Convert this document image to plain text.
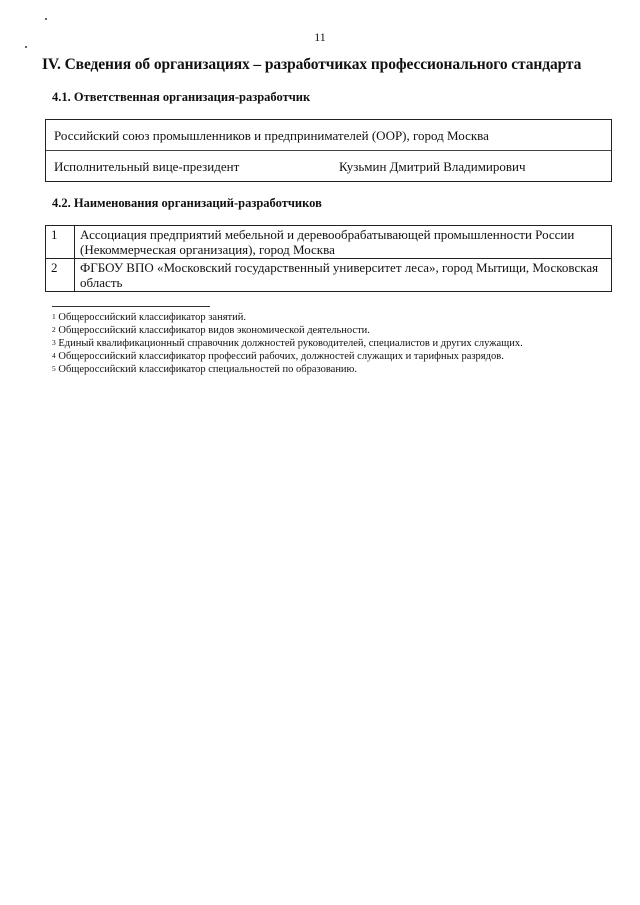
11
IV. Сведения об организациях – разработчиках профессионального стандарта
4.1. Ответственная организация-разработчик
Российский союз промышленников и предпринимателей (ООР), город Москва
Исполнительный вице-президент	Кузьмин Дмитрий Владимирович
4.2. Наименования организаций-разработчиков
1	Ассоциация предприятий мебельной и деревообрабатывающей промышленности России
(Некоммерческая организация), город Москва

2	ФГБОУ ВПО «Московский государственный университет леса», город Мытищи, Московская
область
$^1$ Общероссийский классификатор занятий.
$^2$ Общероссийский классификатор видов экономической деятельности.
$^3$ Единый квалификационный справочник должностей руководителей, специалистов и других служащих.
$^4$ Общероссийский классификатор профессий рабочих, должностей служащих и тарифных разрядов.
$^5$ Общероссийский классификатор специальностей по образованию.
